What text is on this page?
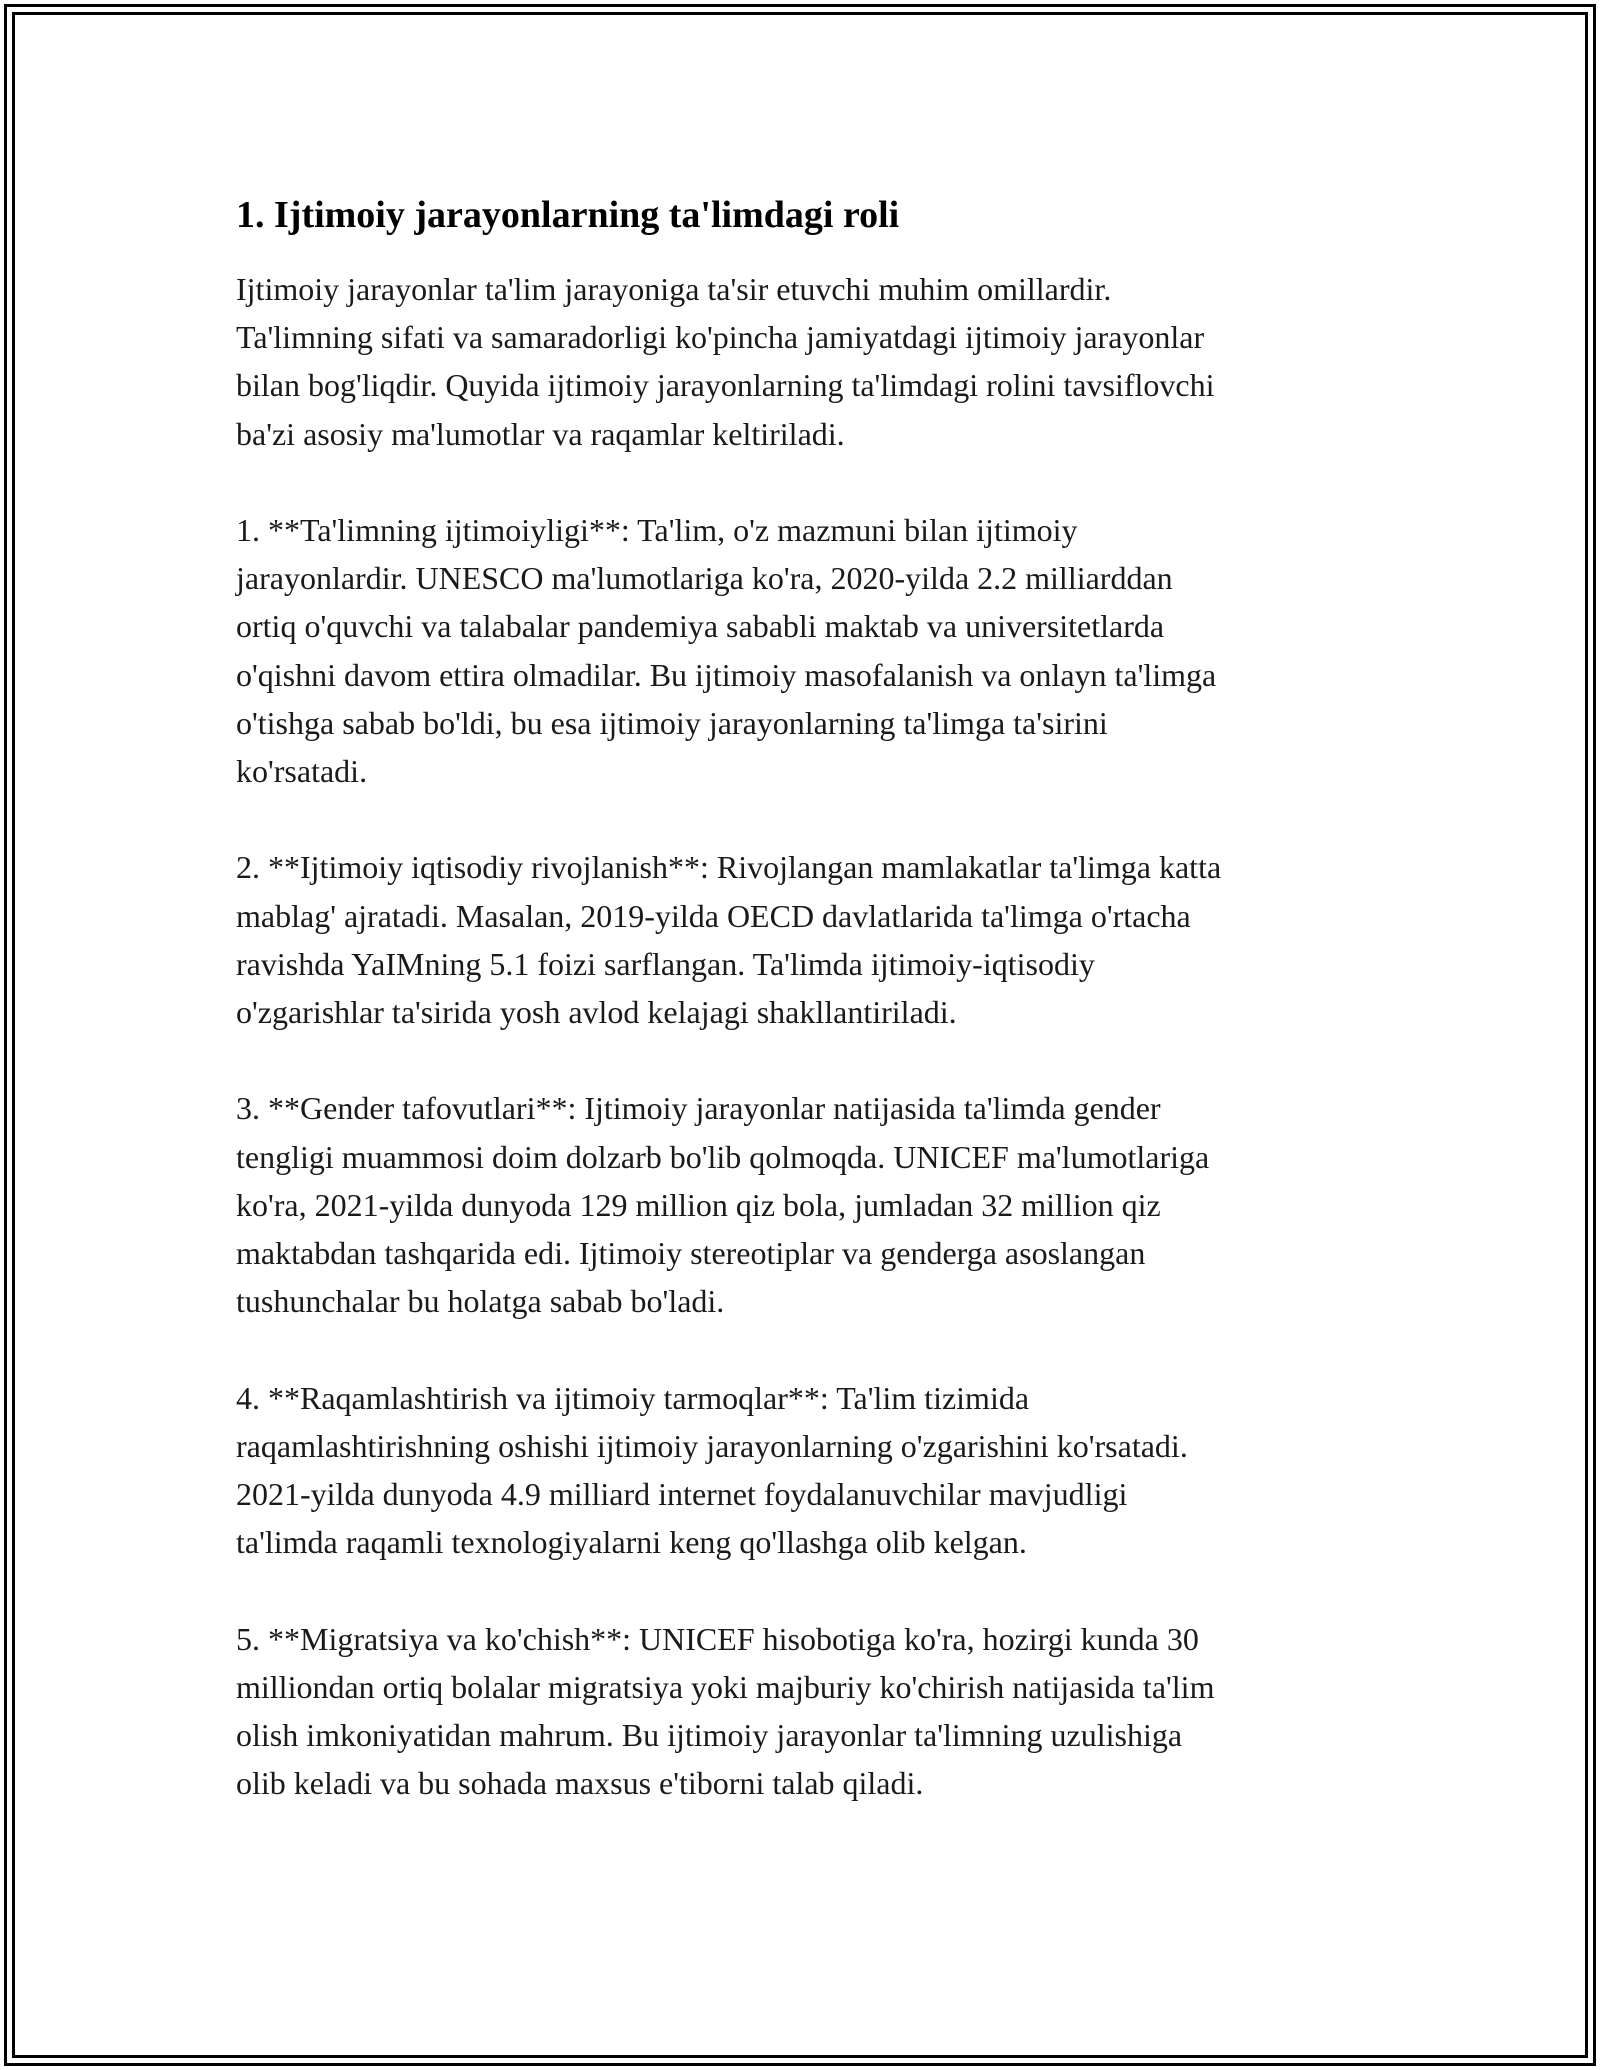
1. Ijtimoiy jarayonlarning ta'limdagi roli

Ijtimoiy jarayonlar ta'lim jarayoniga ta'sir etuvchi muhim omillardir.
Ta'limning sifati va samaradorligi ko'pincha jamiyatdagi ijtimoiy jarayonlar
bilan bog'liqdir. Quyida ijtimoiy jarayonlarning ta'limdagi rolini tavsiflovchi
ba'zi asosiy ma'lumotlar va raqamlar keltiriladi.

1. **Ta'limning ijtimoiyligi**: Ta'lim, o'z mazmuni bilan ijtimoiy
jarayonlardir. UNESCO ma'lumotlariga ko'ra, 2020-yilda 2.2 milliarddan
ortiq o'quvchi va talabalar pandemiya sababli maktab va universitetlarda
o'qishni davom ettira olmadilar. Bu ijtimoiy masofalanish va onlayn ta'limga
o'tishga sabab bo'ldi, bu esa ijtimoiy jarayonlarning ta'limga ta'sirini
ko'rsatadi.

2. **Ijtimoiy iqtisodiy rivojlanish**: Rivojlangan mamlakatlar ta'limga katta
mablag' ajratadi. Masalan, 2019-yilda OECD davlatlarida ta'limga o'rtacha
ravishda YaIMning 5.1 foizi sarflangan. Ta'limda ijtimoiy-iqtisodiy
o'zgarishlar ta'sirida yosh avlod kelajagi shakllantiriladi.

3. **Gender tafovutlari**: Ijtimoiy jarayonlar natijasida ta'limda gender
tengligi muammosi doim dolzarb bo'lib qolmoqda. UNICEF ma'lumotlariga
ko'ra, 2021-yilda dunyoda 129 million qiz bola, jumladan 32 million qiz
maktabdan tashqarida edi. Ijtimoiy stereotiplar va genderga asoslangan
tushunchalar bu holatga sabab bo'ladi.

4. **Raqamlashtirish va ijtimoiy tarmoqlar**: Ta'lim tizimida
raqamlashtirishning oshishi ijtimoiy jarayonlarning o'zgarishini ko'rsatadi.
2021-yilda dunyoda 4.9 milliard internet foydalanuvchilar mavjudligi
ta'limda raqamli texnologiyalarni keng qo'llashga olib kelgan.

5. **Migratsiya va ko'chish**: UNICEF hisobotiga ko'ra, hozirgi kunda 30
milliondan ortiq bolalar migratsiya yoki majburiy ko'chirish natijasida ta'lim
olish imkoniyatidan mahrum. Bu ijtimoiy jarayonlar ta'limning uzulishiga
olib keladi va bu sohada maxsus e'tiborni talab qiladi.
